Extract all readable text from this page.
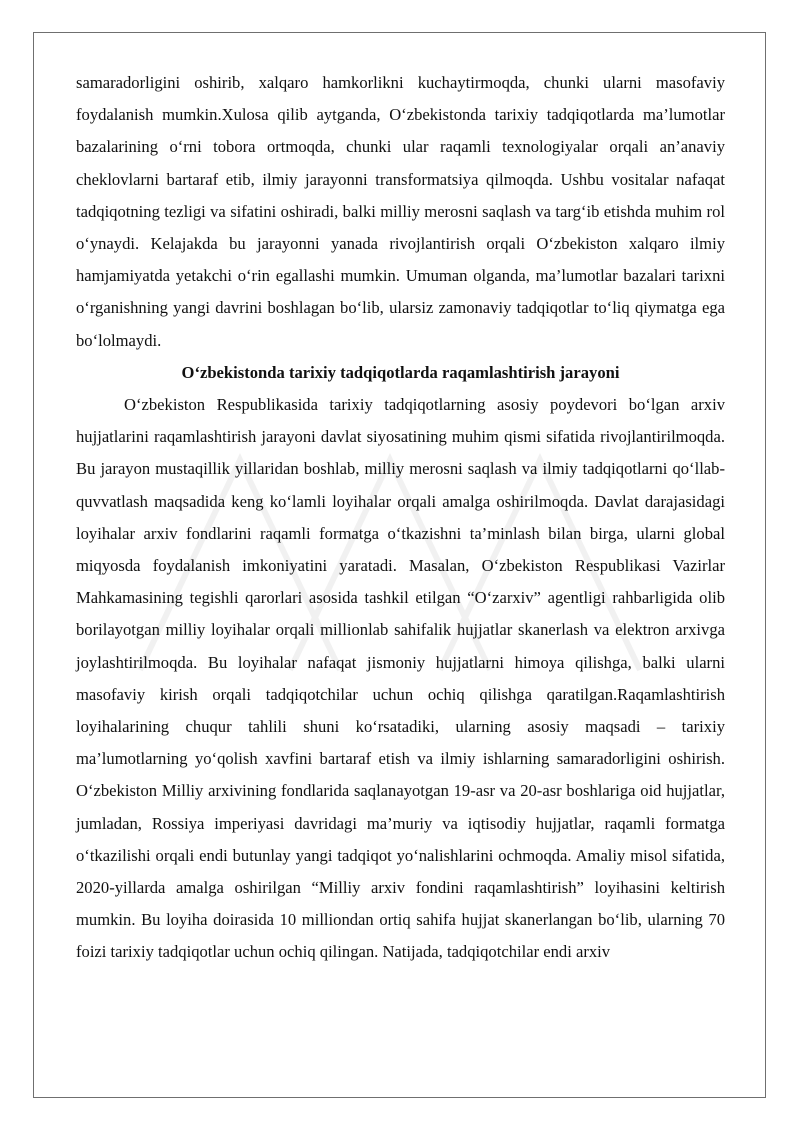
samaradorligini oshirib, xalqaro hamkorlikni kuchaytirmoqda, chunki ularni masofaviy foydalanish mumkin.Xulosa qilib aytganda, O‘zbekistonda tarixiy tadqiqotlarda ma’lumotlar bazalarining o‘rni tobora ortmoqda, chunki ular raqamli texnologiyalar orqali an’anaviy cheklovlarni bartaraf etib, ilmiy jarayonni transformatsiya qilmoqda. Ushbu vositalar nafaqat tadqiqotning tezligi va sifatini oshiradi, balki milliy merosni saqlash va targ‘ib etishda muhim rol o‘ynaydi. Kelajakda bu jarayonni yanada rivojlantirish orqali O‘zbekiston xalqaro ilmiy hamjamiyatda yetakchi o‘rin egallashi mumkin. Umuman olganda, ma’lumotlar bazalari tarixni o‘rganishning yangi davrini boshlagan bo‘lib, ularsiz zamonaviy tadqiqotlar to‘liq qiymatga ega bo‘lolmaydi.

O‘zbekistonda tarixiy tadqiqotlarda raqamlashtirish jarayoni

O‘zbekiston Respublikasida tarixiy tadqiqotlarning asosiy poydevori bo‘lgan arxiv hujjatlarini raqamlashtirish jarayoni davlat siyosatining muhim qismi sifatida rivojlantirilmoqda. Bu jarayon mustaqillik yillaridan boshlab, milliy merosni saqlash va ilmiy tadqiqotlarni qo‘llab-quvvatlash maqsadida keng ko‘lamli loyihalar orqali amalga oshirilmoqda. Davlat darajasidagi loyihalar arxiv fondlarini raqamli formatga o‘tkazishni ta’minlash bilan birga, ularni global miqyosda foydalanish imkoniyatini yaratadi. Masalan, O‘zbekiston Respublikasi Vazirlar Mahkamasining tegishli qarorlari asosida tashkil etilgan “O‘zarxiv” agentligi rahbarligida olib borilayotgan milliy loyihalar orqali millionlab sahifalik hujjatlar skanerlash va elektron arxivga joylashtirilmoqda. Bu loyihalar nafaqat jismoniy hujjatlarni himoya qilishga, balki ularni masofaviy kirish orqali tadqiqotchilar uchun ochiq qilishga qaratilgan.Raqamlashtirish loyihalarining chuqur tahlili shuni ko‘rsatadiki, ularning asosiy maqsadi – tarixiy ma’lumotlarning yo‘qolish xavfini bartaraf etish va ilmiy ishlarning samaradorligini oshirish. O‘zbekiston Milliy arxivining fondlarida saqlanayotgan 19-asr va 20-asr boshlariga oid hujjatlar, jumladan, Rossiya imperiyasi davridagi ma’muriy va iqtisodiy hujjatlar, raqamli formatga o‘tkazilishi orqali endi butunlay yangi tadqiqot yo‘nalishlarini ochmoqda. Amaliy misol sifatida, 2020-yillarda amalga oshirilgan “Milliy arxiv fondini raqamlashtirish” loyihasini keltirish mumkin. Bu loyiha doirasida 10 milliondan ortiq sahifa hujjat skanerlangan bo‘lib, ularning 70 foizi tarixiy tadqiqotlar uchun ochiq qilingan. Natijada, tadqiqotchilar endi arxiv
